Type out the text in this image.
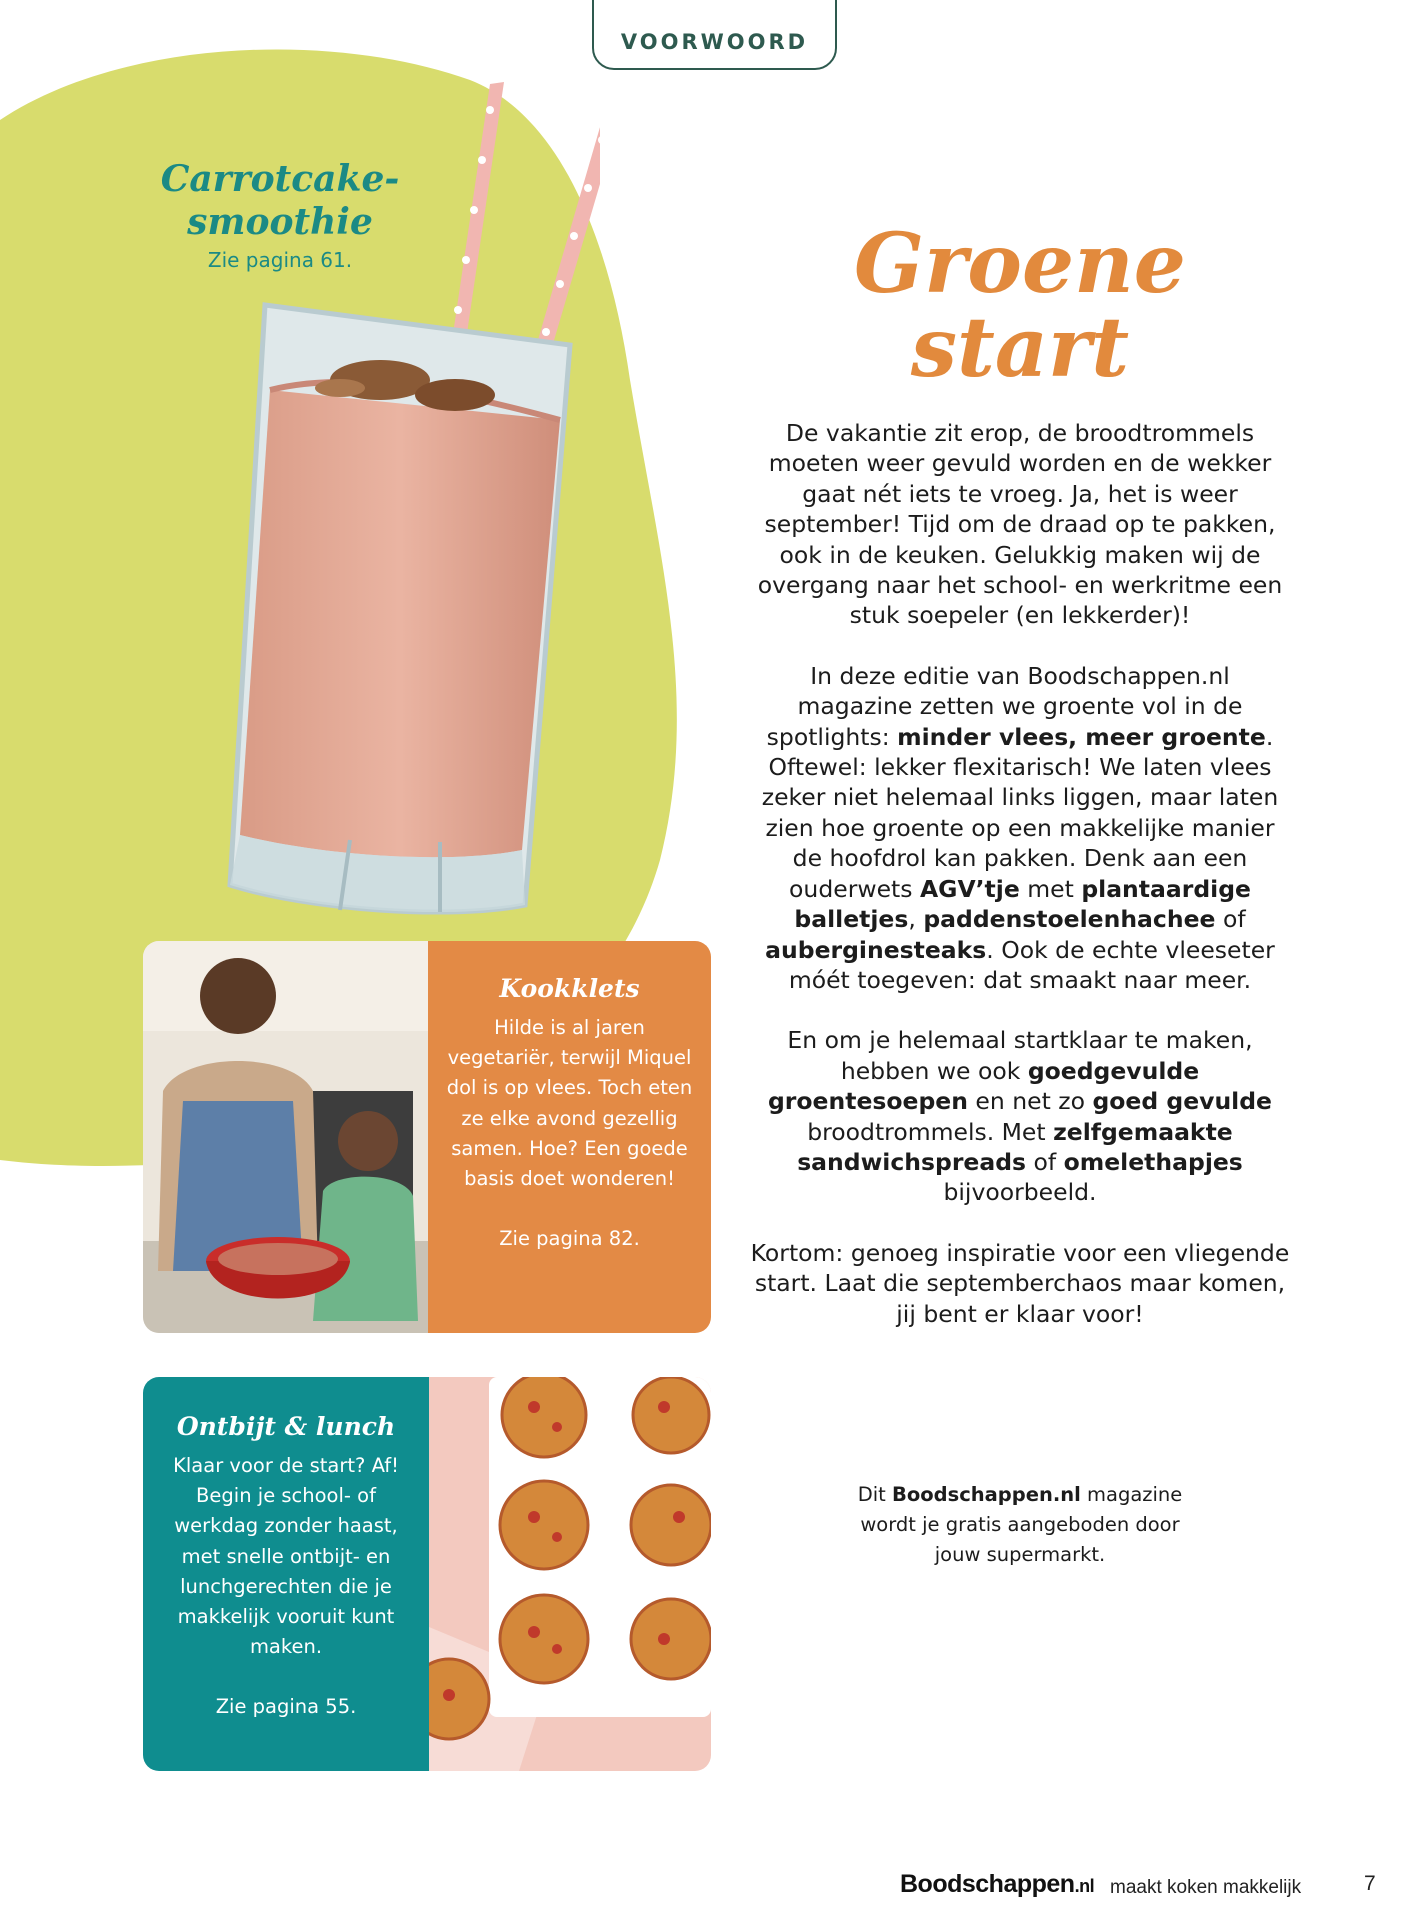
VOORWOORD
Carrotcake-smoothie
Zie pagina 61.	Groene start

De vakantie zit erop, de broodtrommels moeten weer gevuld worden en de wekker gaat nét iets te vroeg. Ja, het is weer september! Tijd om de draad op te pakken, ook in de keuken. Gelukkig maken wij de overgang naar het school- en werkritme een stuk soepeler (en lekkerder)!

In deze editie van Boodschappen.nl magazine zetten we groente vol in de spotlights: minder vlees, meer groente. Oftewel: lekker flexitarisch! We laten vlees zeker niet helemaal links liggen, maar laten zien hoe groente op een makkelijke manier de hoofdrol kan pakken. Denk aan een ouderwets AGV’tje met plantaardige balletjes, paddenstoelenhachee of auberginesteaks. Ook de echte vleeseter móét toegeven: dat smaakt naar meer.

En om je helemaal startklaar te maken, hebben we ook goedgevulde groentesoepen en net zo goed gevulde broodtrommels. Met zelfgemaakte sandwichspreads of omelethapjes bijvoorbeeld.

Kortom: genoeg inspiratie voor een vliegende start. Laat die septemberchaos maar komen, jij bent er klaar voor!

Kookklets
Hilde is al jaren vegetariër, terwijl Miquel dol is op vlees. Toch eten ze elke avond gezellig samen. Hoe? Een goede basis doet wonderen!
Zie pagina 82.
Ontbijt & lunch
Klaar voor de start? Af! Begin je school- of werkdag zonder haast, met snelle ontbijt- en lunchgerechten die je makkelijk vooruit kunt maken.
Zie pagina 55.
Dit Boodschappen.nl magazine wordt je gratis aangeboden door jouw supermarkt.
Boodschappen.nl maakt koken makkelijk	7
